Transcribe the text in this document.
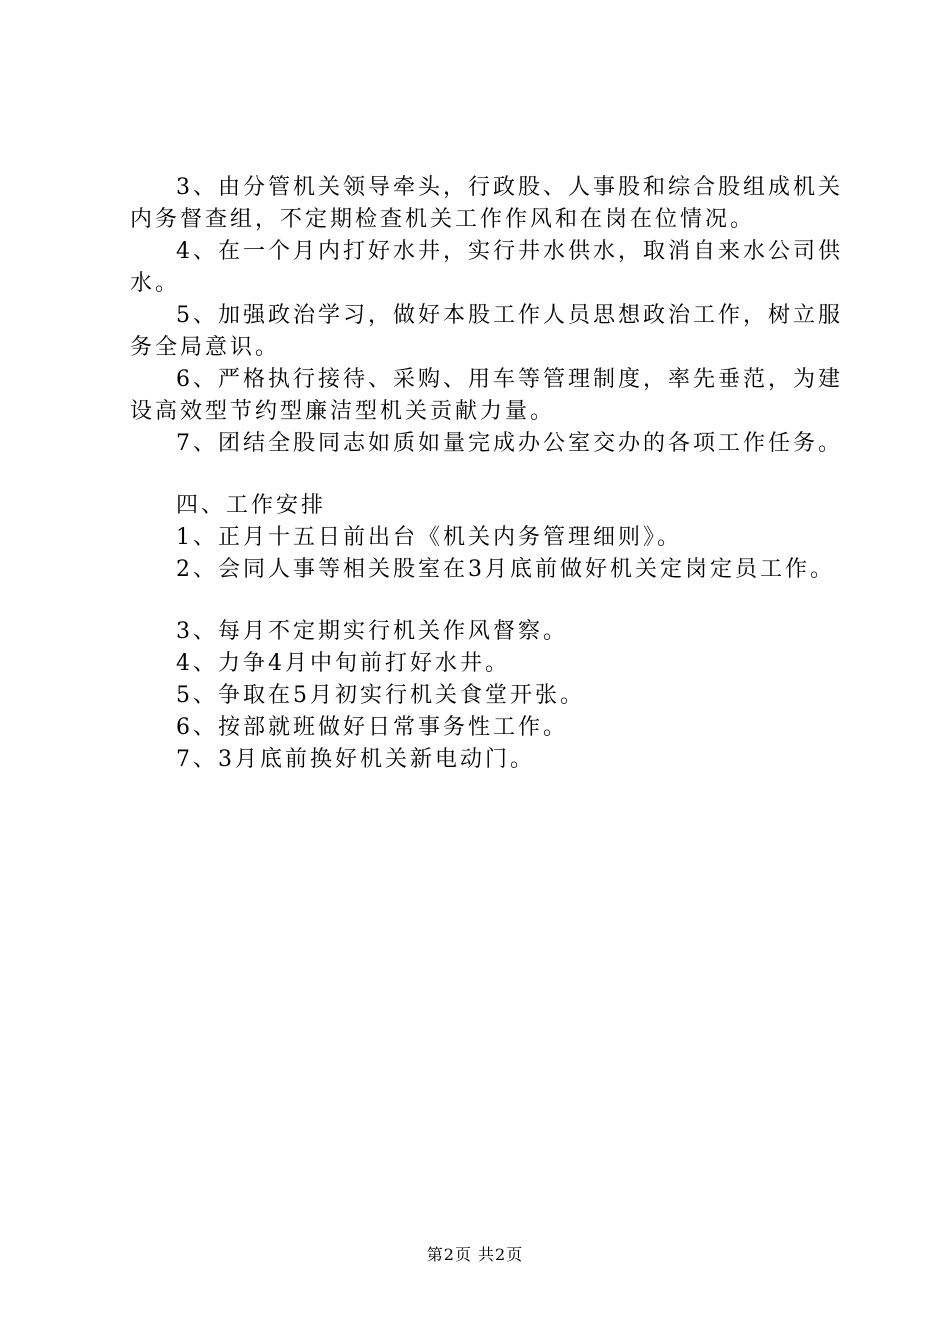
3、由分管机关领导牵头，行政股、人事股和综合股组成机关内务督查组，不定期检查机关工作作风和在岗在位情况。

4、在一个月内打好水井，实行井水供水，取消自来水公司供水。

5、加强政治学习，做好本股工作人员思想政治工作，树立服务全局意识。

6、严格执行接待、采购、用车等管理制度，率先垂范，为建设高效型节约型廉洁型机关贡献力量。

7、团结全股同志如质如量完成办公室交办的各项工作任务。

四、工作安排

1、正月十五日前出台《机关内务管理细则》。

2、会同人事等相关股室在3月底前做好机关定岗定员工作。

3、每月不定期实行机关作风督察。

4、力争4月中旬前打好水井。

5、争取在5月初实行机关食堂开张。

6、按部就班做好日常事务性工作。

7、3月底前换好机关新电动门。

第2页 共2页
